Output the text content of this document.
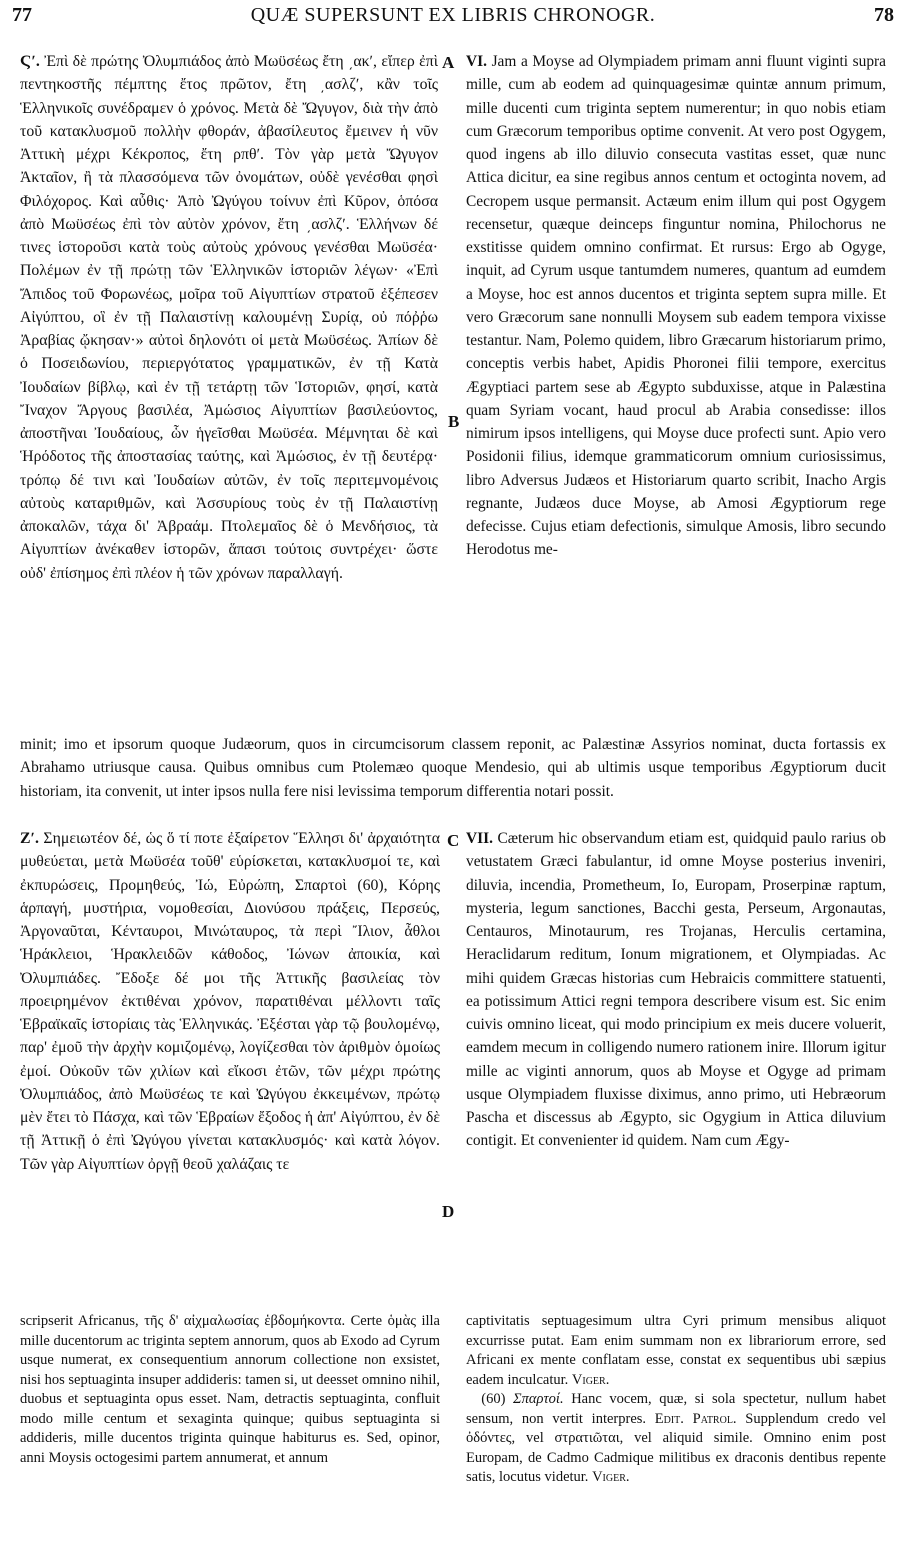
77	QUÆ SUPERSUNT EX LIBRIS CHRONOGR.	78
Ϛʹ. Ἐπὶ δὲ πρώτης Ὀλυμπιάδος ἀπὸ Μωϋσέως ἔτη ͵ακʹ, εἴπερ ἐπὶ πεντηκοστῆς πέμπτης ἔτος πρῶτον, ἔτη ͵ασλζʹ, κἂν τοῖς Ἑλληνικοῖς συνέδραμεν ὁ χρόνος. Μετὰ δὲ Ὤγυγον, διὰ τὴν ἀπὸ τοῦ κατακλυσμοῦ πολλὴν φθοράν, ἀβασίλευτος ἔμεινεν ἡ νῦν Ἀττικὴ μέχρι Κέκροπος, ἔτη ρπθʹ. Τὸν γὰρ μετὰ Ὤγυγον Ἀκταῖον, ἢ τὰ πλασσόμενα τῶν ὀνομάτων, οὐδὲ γενέσθαι φησὶ Φιλόχορος. Καὶ αὖθις· Ἀπὸ Ὠγύγου τοίνυν ἐπὶ Κῦρον, ὁπόσα ἀπὸ Μωϋσέως ἐπὶ τὸν αὐτὸν χρόνον, ἔτη ͵ασλζʹ. Ἑλλήνων δέ τινες ἱστοροῦσι κατὰ τοὺς αὐτοὺς χρόνους γενέσθαι Μωϋσέα· Πολέμων ἐν τῇ πρώτῃ τῶν Ἑλληνικῶν ἱστοριῶν λέγων· «Ἐπὶ Ἄπιδος τοῦ Φορωνέως, μοῖρα τοῦ Αἰγυπτίων στρατοῦ ἐξέπεσεν Αἰγύπτου, οἳ ἐν τῇ Παλαιστίνῃ καλουμένῃ Συρίᾳ, οὐ πόῤῥω Ἀραβίας ᾤκησαν·» αὐτοὶ δηλονότι οἱ μετὰ Μωϋσέως. Ἀπίων δὲ ὁ Ποσειδωνίου, περιεργότατος γραμματικῶν, ἐν τῇ Κατὰ Ἰουδαίων βίβλῳ, καὶ ἐν τῇ τετάρτῃ τῶν Ἱστοριῶν, φησί, κατὰ Ἴναχον Ἄργους βασιλέα, Ἀμώσιος Αἰγυπτίων βασιλεύοντος, ἀποστῆναι Ἰουδαίους, ὧν ἡγεῖσθαι Μωϋσέα. Μέμνηται δὲ καὶ Ἡρόδοτος τῆς ἀποστασίας ταύτης, καὶ Ἀμώσιος, ἐν τῇ δευτέρᾳ· τρόπῳ δέ τινι καὶ Ἰουδαίων αὐτῶν, ἐν τοῖς περιτεμνομένοις αὐτοὺς καταριθμῶν, καὶ Ἀσσυρίους τοὺς ἐν τῇ Παλαιστίνῃ ἀποκαλῶν, τάχα δι' Ἀβραάμ. Πτολεμαῖος δὲ ὁ Μενδήσιος, τὰ Αἰγυπτίων ἀνέκαθεν ἱστορῶν, ἅπασι τούτοις συντρέχει· ὥστε οὐδ' ἐπίσημος ἐπὶ πλέον ἡ τῶν χρόνων παραλλαγή.
A
B
VI. Jam a Moyse ad Olympiadem primam anni fluunt viginti supra mille, cum ab eodem ad quinquagesimæ quintæ annum primum, mille ducenti cum triginta septem numerentur; in quo nobis etiam cum Græcorum temporibus optime convenit. At vero post Ogygem, quod ingens ab illo diluvio consecuta vastitas esset, quæ nunc Attica dicitur, ea sine regibus annos centum et octoginta novem, ad Cecropem usque permansit. Actæum enim illum qui post Ogygem recensetur, quæque deinceps finguntur nomina, Philochorus ne exstitisse quidem omnino confirmat. Et rursus: Ergo ab Ogyge, inquit, ad Cyrum usque tantumdem numeres, quantum ad eumdem a Moyse, hoc est annos ducentos et triginta septem supra mille. Et vero Græcorum sane nonnulli Moysem sub eadem tempora vixisse testantur. Nam, Polemo quidem, libro Græcarum historiarum primo, conceptis verbis habet, Apidis Phoronei filii tempore, exercitus Ægyptiaci partem sese ab Ægypto subduxisse, atque in Palæstina quam Syriam vocant, haud procul ab Arabia consedisse: illos nimirum ipsos intelligens, qui Moyse duce profecti sunt. Apio vero Posidonii filius, idemque grammaticorum omnium curiosissimus, libro Adversus Judæos et Historiarum quarto scribit, Inacho Argis regnante, Judæos duce Moyse, ab Amosi Ægyptiorum rege defecisse. Cujus etiam defectionis, simulque Amosis, libro secundo Herodotus me-
minit; imo et ipsorum quoque Judæorum, quos in circumcisorum classem reponit, ac Palæstinæ Assyrios nominat, ducta fortassis ex Abrahamo utriusque causa. Quibus omnibus cum Ptolemæo quoque Mendesio, qui ab ultimis usque temporibus Ægyptiorum ducit historiam, ita convenit, ut inter ipsos nulla fere nisi levissima temporum differentia notari possit.
Ζʹ. Σημειωτέον δέ, ὡς ὅ τί ποτε ἐξαίρετον Ἕλλησι δι' ἀρχαιότητα μυθεύεται, μετὰ Μωϋσέα τοῦθ' εὑρίσκεται, κατακλυσμοί τε, καὶ ἐκπυρώσεις, Προμηθεύς, Ἰώ, Εὐρώπη, Σπαρτοὶ (60), Κόρης ἁρπαγή, μυστήρια, νομοθεσίαι, Διονύσου πράξεις, Περσεύς, Ἀργοναῦται, Κένταυροι, Μινώταυρος, τὰ περὶ Ἴλιον, ἆθλοι Ἡράκλειοι, Ἡρακλειδῶν κάθοδος, Ἰώνων ἀποικία, καὶ Ὀλυμπιάδες. Ἔδοξε δέ μοι τῆς Ἀττικῆς βασιλείας τὸν προειρημένον ἐκτιθέναι χρόνον, παρατιθέναι μέλλοντι ταῖς Ἑβραϊκαῖς ἱστορίαις τὰς Ἑλληνικάς. Ἐξέσται γὰρ τῷ βουλομένῳ, παρ' ἐμοῦ τὴν ἀρχὴν κομιζομένῳ, λογίζεσθαι τὸν ἀριθμὸν ὁμοίως ἐμοί. Οὐκοῦν τῶν χιλίων καὶ εἴκοσι ἐτῶν, τῶν μέχρι πρώτης Ὀλυμπιάδος, ἀπὸ Μωϋσέως τε καὶ Ὠγύγου ἐκκειμένων, πρώτῳ μὲν ἔτει τὸ Πάσχα, καὶ τῶν Ἑβραίων ἔξοδος ἡ ἀπ' Αἰγύπτου, ἐν δὲ τῇ Ἀττικῇ ὁ ἐπὶ Ὠγύγου γίνεται κατακλυσμός· καὶ κατὰ λόγον. Τῶν γὰρ Αἰγυπτίων ὀργῇ θεοῦ χαλάζαις τε
C
D
VII. Cæterum hic observandum etiam est, quidquid paulo rarius ob vetustatem Græci fabulantur, id omne Moyse posterius inveniri, diluvia, incendia, Prometheum, Io, Europam, Proserpinæ raptum, mysteria, legum sanctiones, Bacchi gesta, Perseum, Argonautas, Centauros, Minotaurum, res Trojanas, Herculis certamina, Heraclidarum reditum, Ionum migrationem, et Olympiadas. Ac mihi quidem Græcas historias cum Hebraicis committere statuenti, ea potissimum Attici regni tempora describere visum est. Sic enim cuivis omnino liceat, qui modo principium ex meis ducere voluerit, eamdem mecum in colligendo numero rationem inire. Illorum igitur mille ac viginti annorum, quos ab Moyse et Ogyge ad primam usque Olympiadem fluxisse diximus, anno primo, uti Hebræorum Pascha et discessus ab Ægypto, sic Ogygium in Attica diluvium contigit. Et convenienter id quidem. Nam cum Ægy-
scripserit Africanus, τῆς δ' αἰχμαλωσίας ἑβδομήκοντα. Certe ὁμὰς illa mille ducentorum ac triginta septem annorum, quos ab Exodo ad Cyrum usque numerat, ex consequentium annorum collectione non exsistet, nisi hos septuaginta insuper addideris: tamen si, ut deesset omnino nihil, duobus et septuaginta opus esset. Nam, detractis septuaginta, confluit modo mille centum et sexaginta quinque; quibus septuaginta si addideris, mille ducentos triginta quinque habiturus es. Sed, opinor, anni Moysis octogesimi partem annumerat, et annum
captivitatis septuagesimum ultra Cyri primum mensibus aliquot excurrisse putat. Eam enim summam non ex librariorum errore, sed Africani ex mente conflatam esse, constat ex sequentibus ubi sæpius eadem inculcatur. Viger.
(60) Σπαρτοί. Hanc vocem, quæ, si sola spectetur, nullum habet sensum, non vertit interpres. Edit. Patrol. Supplendum credo vel ὀδόντες, vel στρατιῶται, vel aliquid simile. Omnino enim post Europam, de Cadmo Cadmique militibus ex draconis dentibus repente satis, locutus videtur. Viger.
